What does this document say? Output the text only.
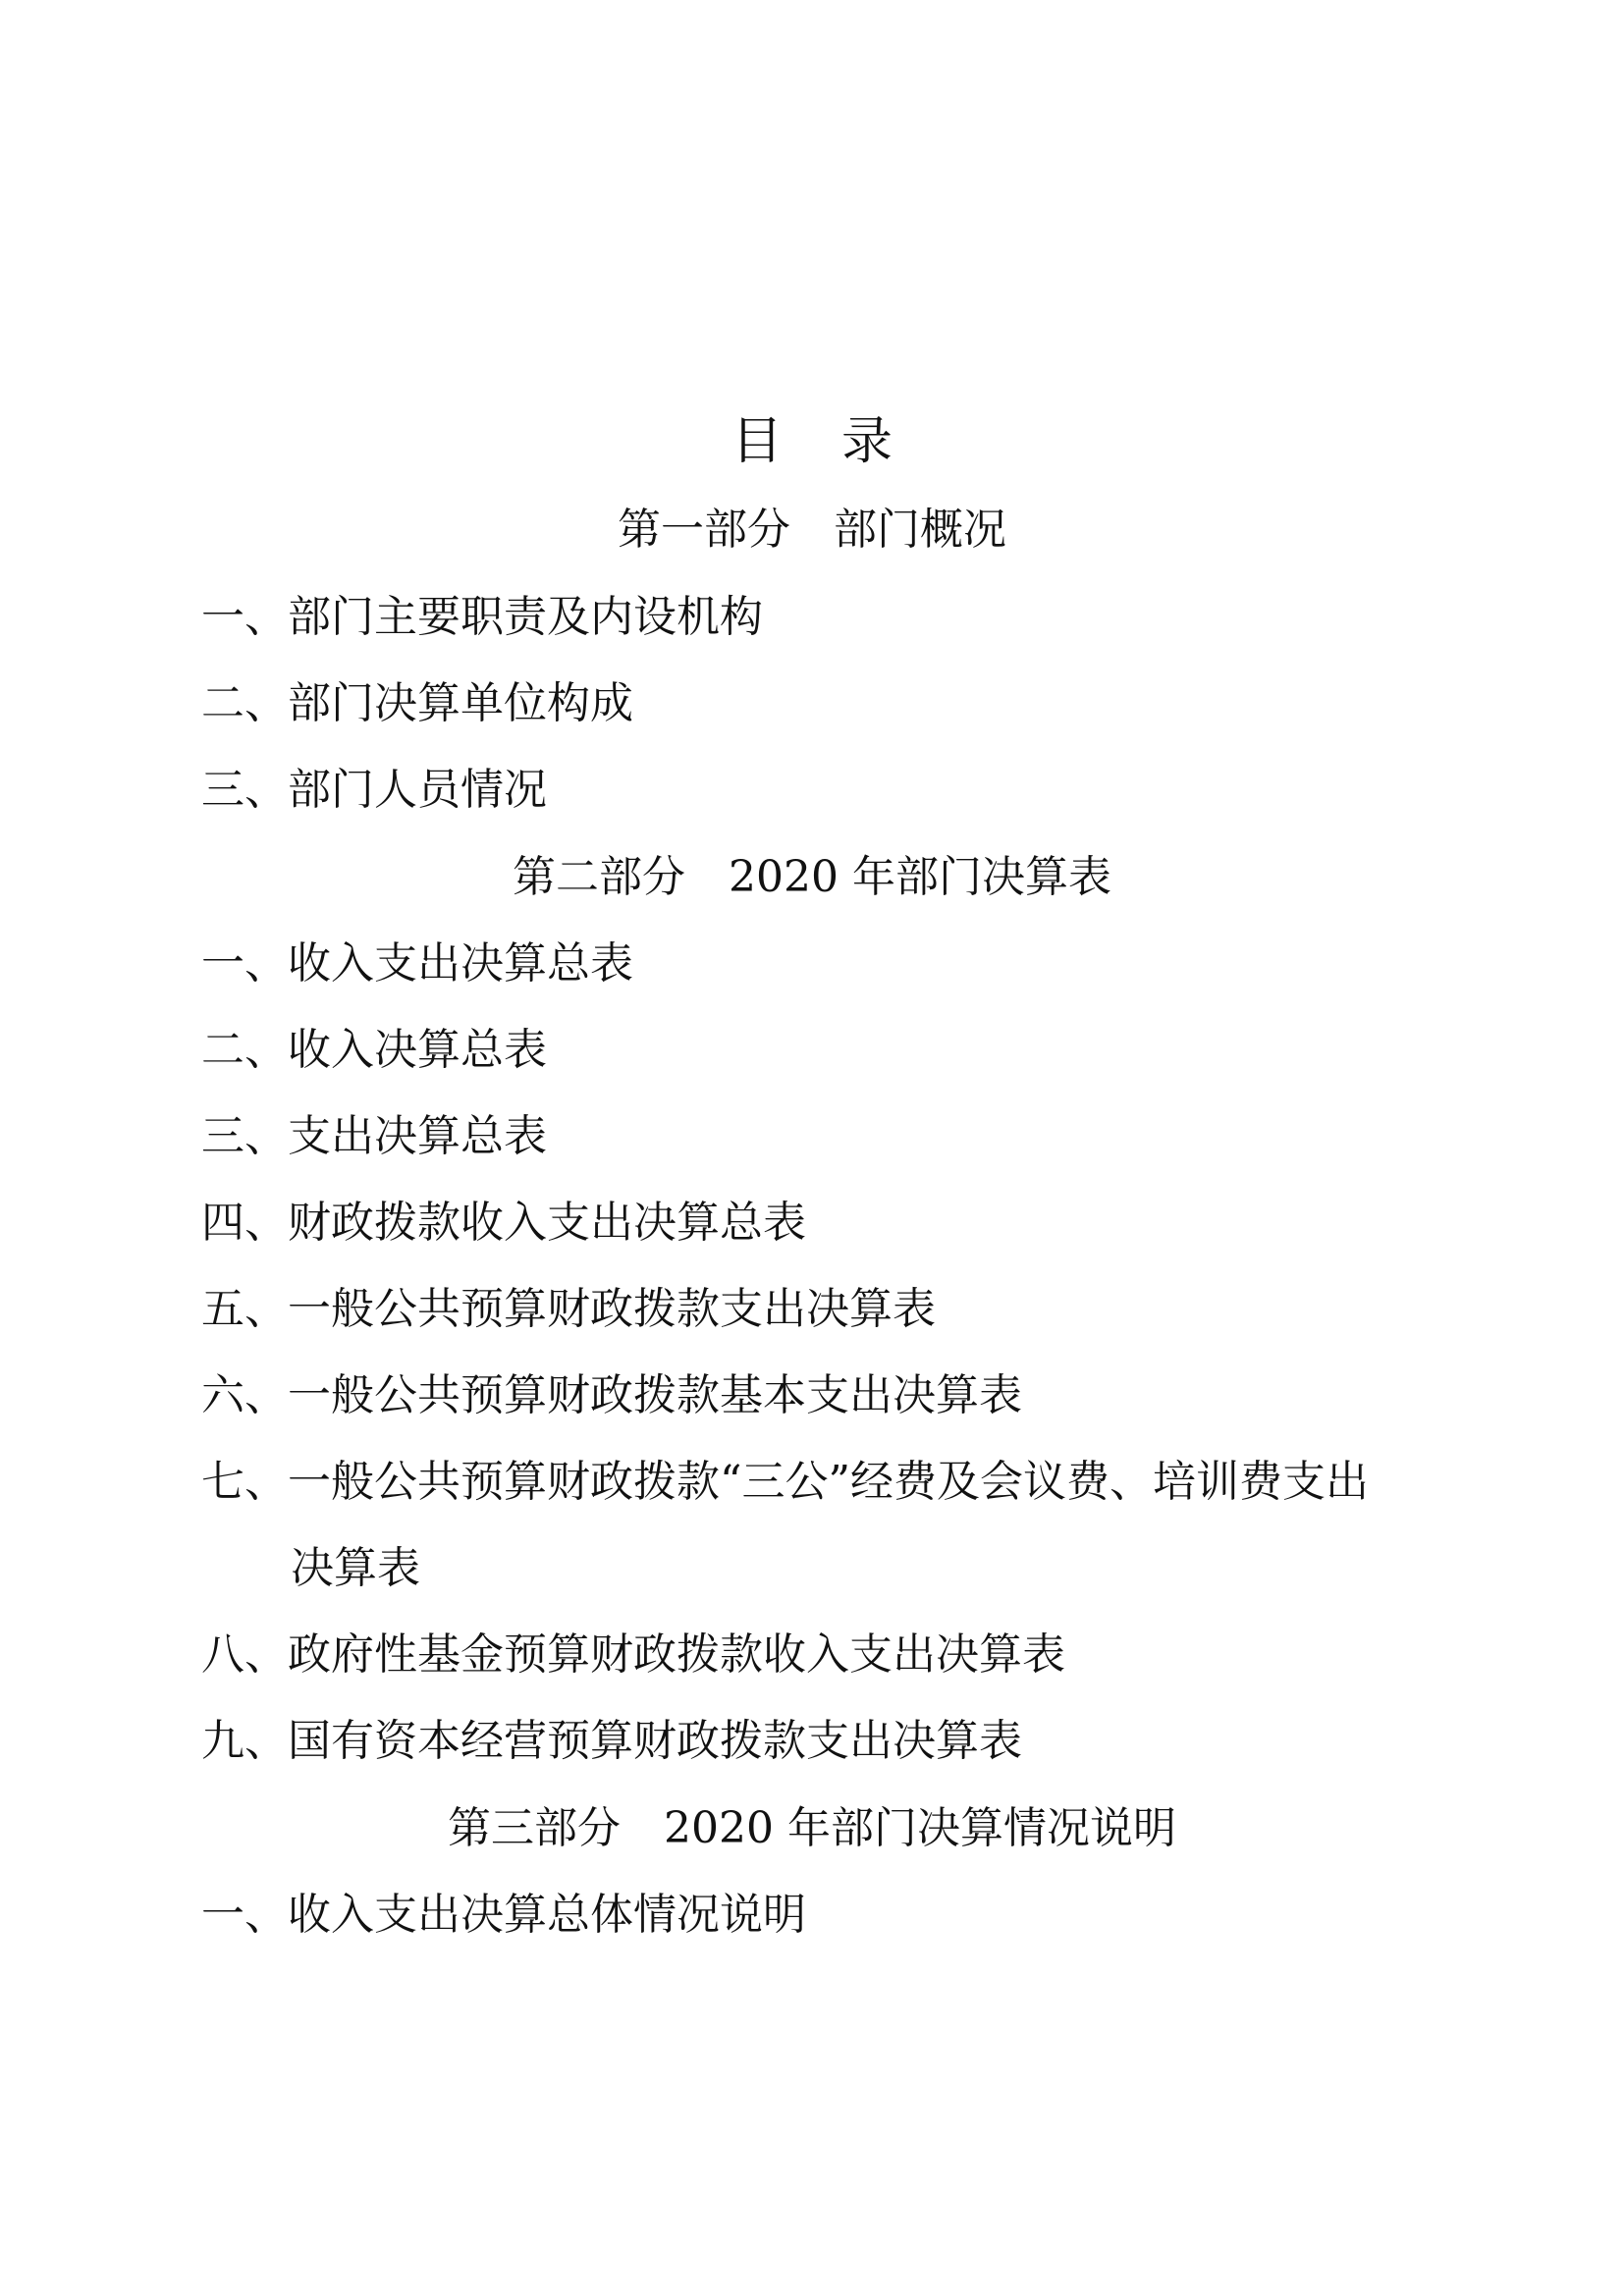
目 录
第一部分 部门概况
一、部门主要职责及内设机构
二、部门决算单位构成
三、部门人员情况
第二部分 2020 年部门决算表
一、收入支出决算总表
二、收入决算总表
三、支出决算总表
四、财政拨款收入支出决算总表
五、一般公共预算财政拨款支出决算表
六、一般公共预算财政拨款基本支出决算表
七、一般公共预算财政拨款“三公”经费及会议费、培训费支出
决算表
八、政府性基金预算财政拨款收入支出决算表
九、国有资本经营预算财政拨款支出决算表
第三部分 2020 年部门决算情况说明
一、收入支出决算总体情况说明
